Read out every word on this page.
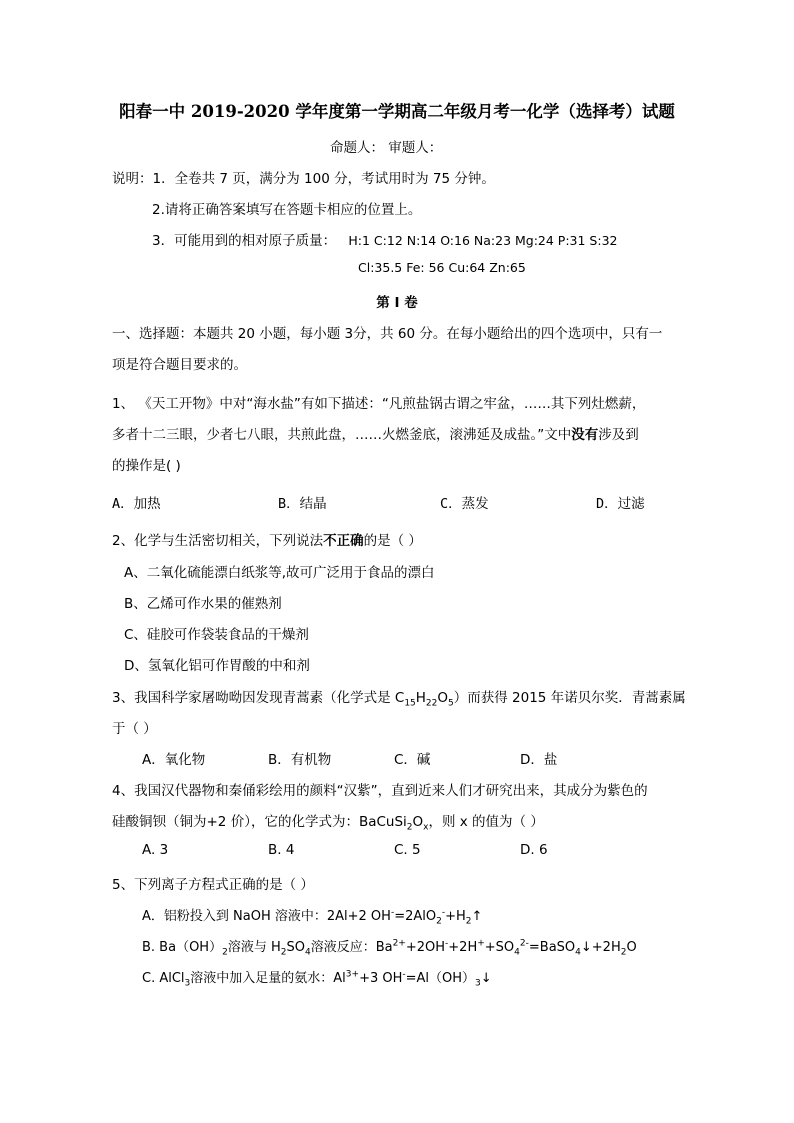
阳春一中 2019-2020 学年度第一学期高二年级月考一化学（选择考）试题
命题人： 审题人：
说明：1．全卷共 7 页，满分为 100 分，考试用时为 75 分钟。
2.请将正确答案填写在答题卡相应的位置上。
3．可能用到的相对原子质量： H:1 C:12 N:14 O:16 Na:23 Mg:24 P:31 S:32
Cl:35.5 Fe: 56 Cu:64 Zn:65
第 I 卷
一、选择题：本题共 20 小题，每小题 3分，共 60 分。在每小题给出的四个选项中，只有一
项是符合题目要求的。
1、 《天工开物》中对“海水盐”有如下描述：“凡煎盐锅古谓之牢盆，……其下列灶燃薪，
多者十二三眼，少者七八眼，共煎此盘，……火燃釜底，滚沸延及成盐。”文中没有涉及到
的操作是( )
A．加热	B．结晶	C．蒸发	D．过滤
2、化学与生活密切相关，下列说法不正确的是（ ）
A、二氧化硫能漂白纸浆等,故可广泛用于食品的漂白
B、乙烯可作水果的催熟剂
C、硅胶可作袋装食品的干燥剂
D、氢氧化铝可作胃酸的中和剂
3、我国科学家屠呦呦因发现青蒿素（化学式是 $C_{15}H_{22}O_5$）而获得 2015 年诺贝尔奖．青蒿素属
于（ ）
A．氧化物	B．有机物	C．碱	D．盐
4、我国汉代器物和秦俑彩绘用的颜料“汉紫”，直到近来人们才研究出来，其成分为紫色的
硅酸铜钡（铜为+2 价），它的化学式为：$BaCuSi_2O_x$，则 x 的值为（ ）
A. 3	B. 4	C. 5	D. 6
5、下列离子方程式正确的是（ ）
A．铝粉投入到 NaOH 溶液中：2Al+2 $OH^-=2AlO_2^-+H_2↑$
B. $Ba(OH)_2$溶液与 $H_2SO_4$溶液反应：$Ba^{2+}+2OH^-+2H^++SO_4^{2-}=BaSO_4↓+2H_2O$
C. AlCl$_3$溶液中加入足量的氨水：$Al^{3+}+3$ $OH^-=Al(OH)_3↓$
